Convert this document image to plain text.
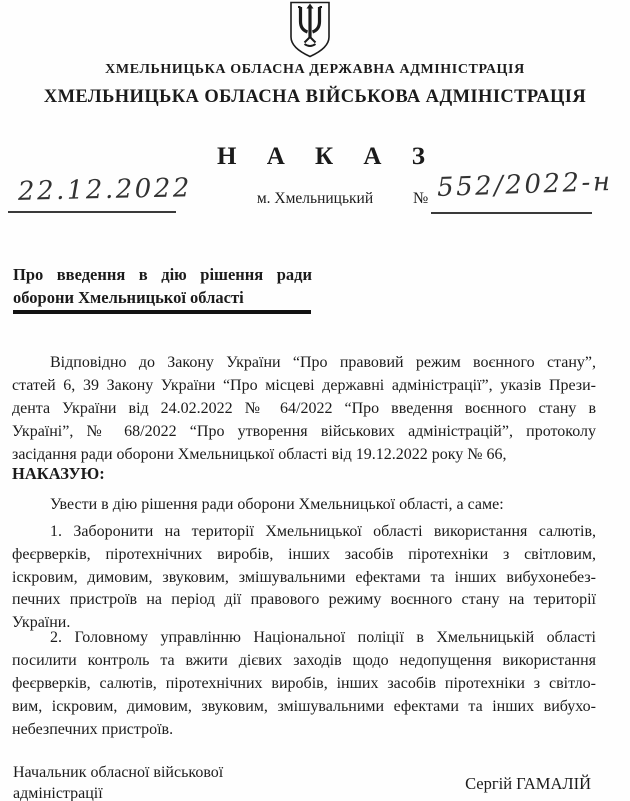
ХМЕЛЬНИЦЬКА ОБЛАСНА ДЕРЖАВНА АДМІНІСТРАЦІЯ
ХМЕЛЬНИЦЬКА ОБЛАСНА ВІЙСЬКОВА АДМІНІСТРАЦІЯ
Н А К А З
22.12.2022	м. Хмельницький	№ 552/2022-н
Про введення в дію рішення ради
оборони Хмельницької області
Відповідно до Закону України “Про правовий режим воєнного стану”,
статей 6, 39 Закону України “Про місцеві державні адміністрації”, указів Прези-
дента України від 24.02.2022 № 64/2022 “Про введення воєнного стану в
Україні”, № 68/2022 “Про утворення військових адміністрацій”, протоколу
засідання ради оборони Хмельницької області від 19.12.2022 року № 66,
НАКАЗУЮ:
Увести в дію рішення ради оборони Хмельницької області, а саме:
1. Заборонити на території Хмельницької області використання салютів,
феєрверків, піротехнічних виробів, інших засобів піротехніки з світловим,
іскровим, димовим, звуковим, змішувальними ефектами та інших вибухонебез-
печних пристроїв на період дії правового режиму воєнного стану на території
України.
2. Головному управлінню Національної поліції в Хмельницькій області
посилити контроль та вжити дієвих заходів щодо недопущення використання
феєрверків, салютів, піротехнічних виробів, інших засобів піротехніки з світло-
вим, іскровим, димовим, звуковим, змішувальними ефектами та інших вибухо-
небезпечних пристроїв.
Начальник обласної військової
адміністрації
Сергій ГАМАЛІЙ
